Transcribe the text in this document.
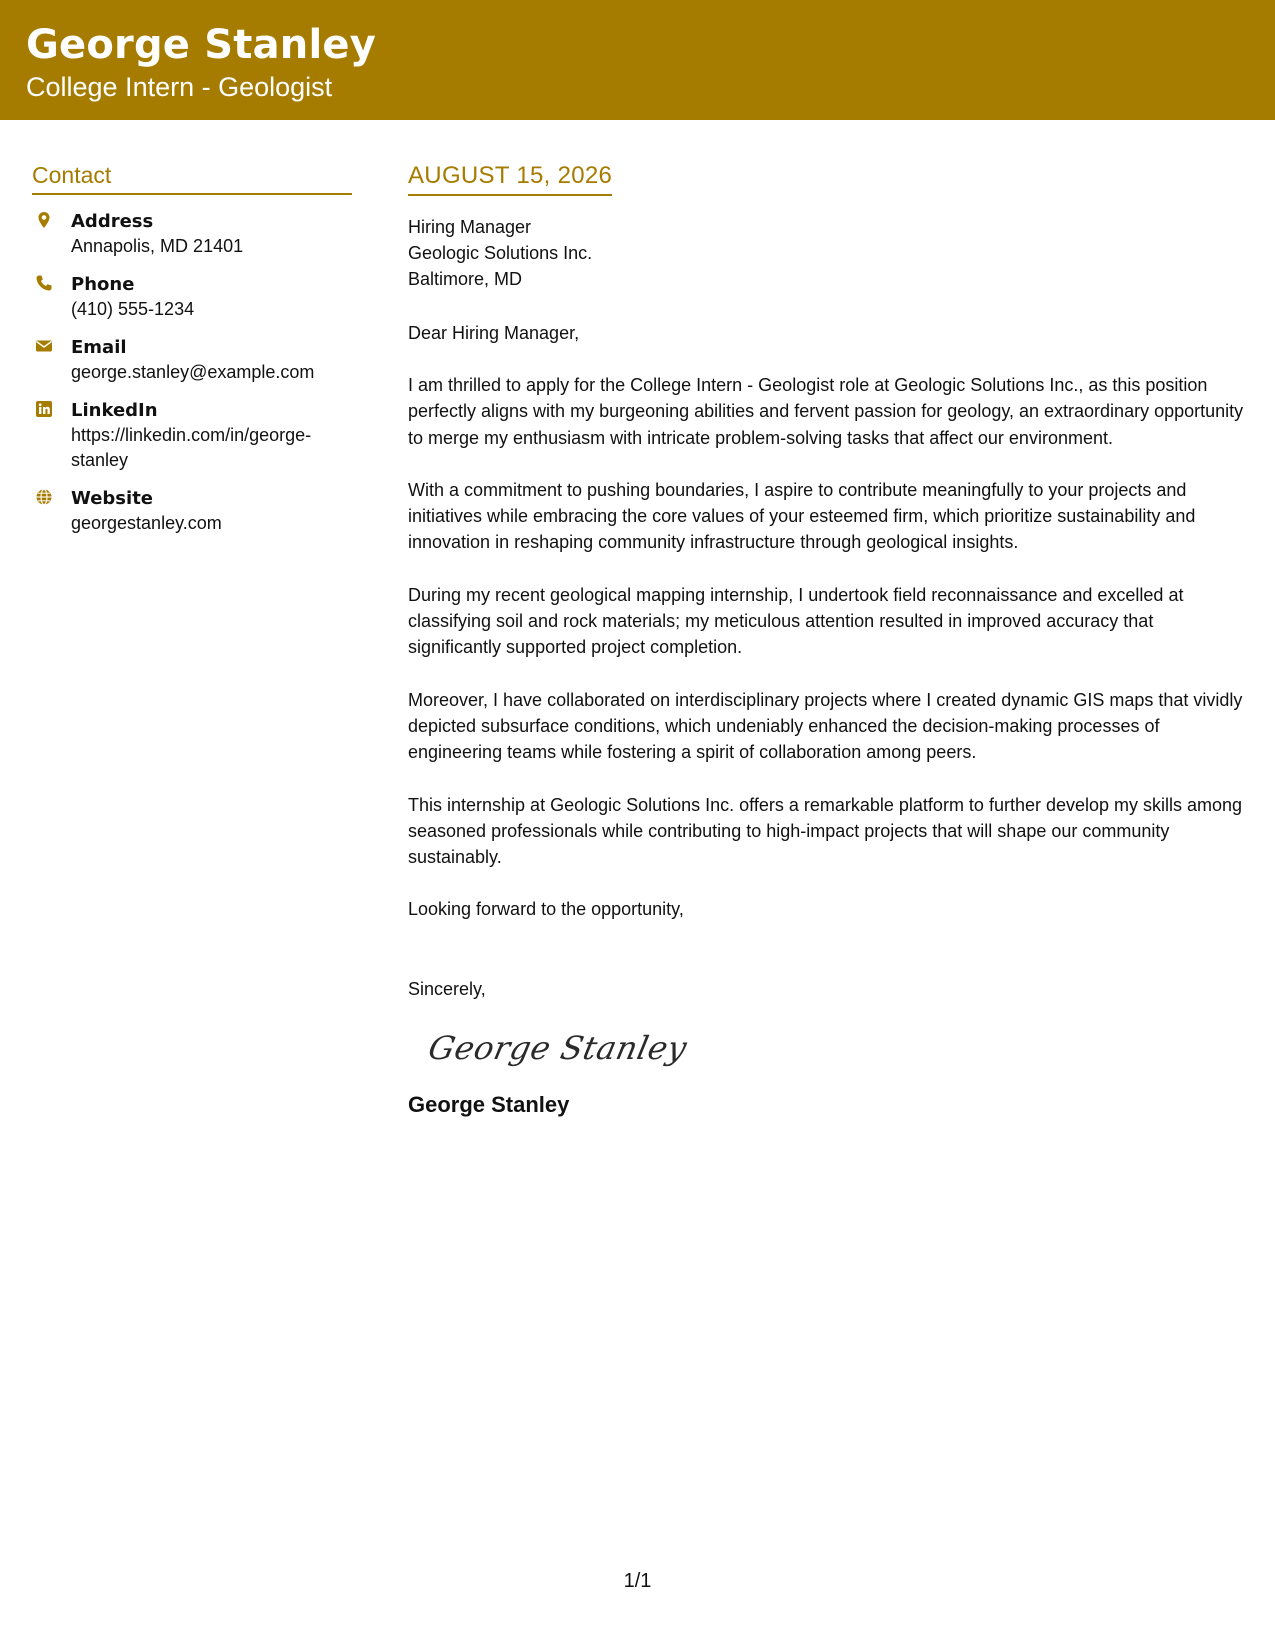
George Stanley
College Intern - Geologist
Contact
Address
Annapolis, MD 21401
Phone
(410) 555-1234
Email
george.stanley@example.com
LinkedIn
https://linkedin.com/in/george-stanley
Website
georgestanley.com
AUGUST 15, 2026
Hiring Manager
Geologic Solutions Inc.
Baltimore, MD
Dear Hiring Manager,
I am thrilled to apply for the College Intern - Geologist role at Geologic Solutions Inc., as this position perfectly aligns with my burgeoning abilities and fervent passion for geology, an extraordinary opportunity to merge my enthusiasm with intricate problem-solving tasks that affect our environment.
With a commitment to pushing boundaries, I aspire to contribute meaningfully to your projects and initiatives while embracing the core values of your esteemed firm, which prioritize sustainability and innovation in reshaping community infrastructure through geological insights.
During my recent geological mapping internship, I undertook field reconnaissance and excelled at classifying soil and rock materials; my meticulous attention resulted in improved accuracy that significantly supported project completion.
Moreover, I have collaborated on interdisciplinary projects where I created dynamic GIS maps that vividly depicted subsurface conditions, which undeniably enhanced the decision-making processes of engineering teams while fostering a spirit of collaboration among peers.
This internship at Geologic Solutions Inc. offers a remarkable platform to further develop my skills among seasoned professionals while contributing to high-impact projects that will shape our community sustainably.
Looking forward to the opportunity,
Sincerely,
George Stanley
George Stanley
1/1
